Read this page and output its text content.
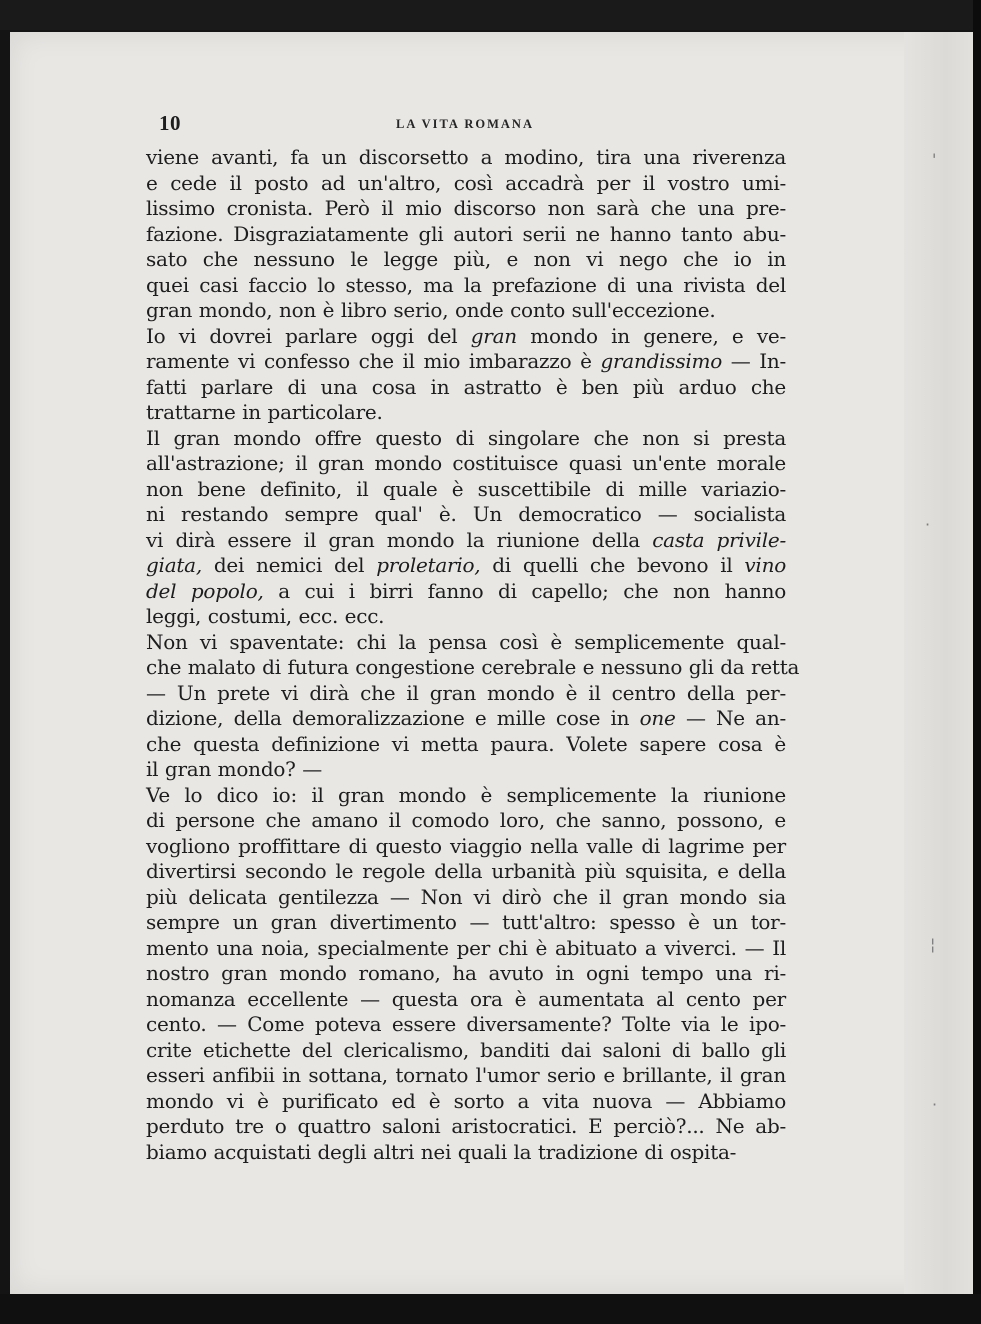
10	LA VITA ROMANA
viene avanti, fa un discorsetto a modino, tira una riverenza
e cede il posto ad un'altro, così accadrà per il vostro umi-
lissimo cronista. Però il mio discorso non sarà che una pre-
fazione. Disgraziatamente gli autori serii ne hanno tanto abu-
sato che nessuno le legge più, e non vi nego che io in
quei casi faccio lo stesso, ma la prefazione di una rivista del
gran mondo, non è libro serio, onde conto sull'eccezione.
Io vi dovrei parlare oggi del gran mondo in genere, e ve-
ramente vi confesso che il mio imbarazzo è grandissimo — In-
fatti parlare di una cosa in astratto è ben più arduo che
trattarne in particolare.
Il gran mondo offre questo di singolare che non si presta
all'astrazione; il gran mondo costituisce quasi un'ente morale
non bene definito, il quale è suscettibile di mille variazio-
ni restando sempre qual' è. Un democratico — socialista
vi dirà essere il gran mondo la riunione della casta privile-
giata, dei nemici del proletario, di quelli che bevono il vino
del popolo, a cui i birri fanno di capello; che non hanno
leggi, costumi, ecc. ecc.
Non vi spaventate: chi la pensa così è semplicemente qual-
che malato di futura congestione cerebrale e nessuno gli da retta
— Un prete vi dirà che il gran mondo è il centro della per-
dizione, della demoralizzazione e mille cose in one — Ne an-
che questa definizione vi metta paura. Volete sapere cosa è
il gran mondo? —
Ve lo dico io: il gran mondo è semplicemente la riunione
di persone che amano il comodo loro, che sanno, possono, e
vogliono proffittare di questo viaggio nella valle di lagrime per
divertirsi secondo le regole della urbanità più squisita, e della
più delicata gentilezza — Non vi dirò che il gran mondo sia
sempre un gran divertimento — tutt'altro: spesso è un tor-
mento una noia, specialmente per chi è abituato a viverci. — Il
nostro gran mondo romano, ha avuto in ogni tempo una ri-
nomanza eccellente — questa ora è aumentata al cento per
cento. — Come poteva essere diversamente? Tolte via le ipo-
crite etichette del clericalismo, banditi dai saloni di ballo gli
esseri anfibii in sottana, tornato l'umor serio e brillante, il gran
mondo vi è purificato ed è sorto a vita nuova — Abbiamo
perduto tre o quattro saloni aristocratici. E perciò?... Ne ab-
biamo acquistati degli altri nei quali la tradizione di ospita-
'
·
¦
·
